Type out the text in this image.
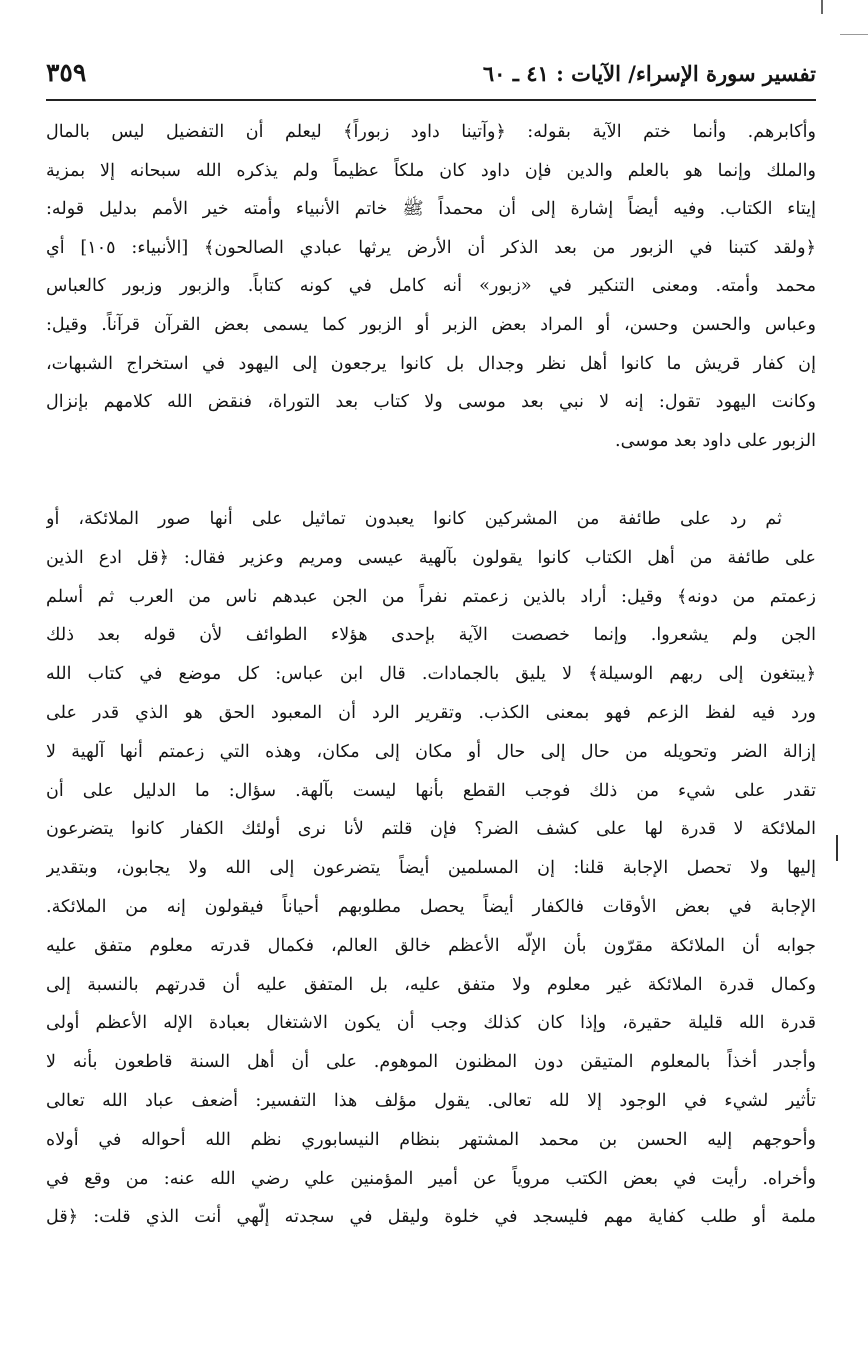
٣٥٩	تفسير سورة الإسراء/ الآيات : ٤١ ـ ٦٠
وأكابرهم. وأنما ختم الآية بقوله: ﴿وآتينا داود زبوراً﴾ ليعلم أن التفضيل ليس بالمال
والملك وإنما هو بالعلم والدين فإن داود كان ملكاً عظيماً ولم يذكره الله سبحانه إلا بمزية
إيتاء الكتاب. وفيه أيضاً إشارة إلى أن محمداً ﷺ خاتم الأنبياء وأمته خير الأمم بدليل قوله:
﴿ولقد كتبنا في الزبور من بعد الذكر أن الأرض يرثها عبادي الصالحون﴾ [الأنبياء: ١٠٥] أي
محمد وأمته. ومعنى التنكير في «زبور» أنه كامل في كونه كتاباً. والزبور وزبور كالعباس
وعباس والحسن وحسن، أو المراد بعض الزبر أو الزبور كما يسمى بعض القرآن قرآناً. وقيل:
إن كفار قريش ما كانوا أهل نظر وجدال بل كانوا يرجعون إلى اليهود في استخراج الشبهات،
وكانت اليهود تقول: إنه لا نبي بعد موسى ولا كتاب بعد التوراة، فنقض الله كلامهم بإنزال
الزبور على داود بعد موسى.
ثم رد على طائفة من المشركين كانوا يعبدون تماثيل على أنها صور الملائكة، أو
على طائفة من أهل الكتاب كانوا يقولون بآلهية عيسى ومريم وعزير فقال: ﴿قل ادع الذين
زعمتم من دونه﴾ وقيل: أراد بالذين زعمتم نفراً من الجن عبدهم ناس من العرب ثم أسلم
الجن ولم يشعروا. وإنما خصصت الآية بإحدى هؤلاء الطوائف لأن قوله بعد ذلك
﴿يبتغون إلى ربهم الوسيلة﴾ لا يليق بالجمادات. قال ابن عباس: كل موضع في كتاب الله
ورد فيه لفظ الزعم فهو بمعنى الكذب. وتقرير الرد أن المعبود الحق هو الذي قدر على
إزالة الضر وتحويله من حال إلى حال أو مكان إلى مكان، وهذه التي زعمتم أنها آلهية لا
تقدر على شيء من ذلك فوجب القطع بأنها ليست بآلهة. سؤال: ما الدليل على أن
الملائكة لا قدرة لها على كشف الضر؟ فإن قلتم لأنا نرى أولئك الكفار كانوا يتضرعون
إليها ولا تحصل الإجابة قلنا: إن المسلمين أيضاً يتضرعون إلى الله ولا يجابون، وبتقدير
الإجابة في بعض الأوقات فالكفار أيضاً يحصل مطلوبهم أحياناً فيقولون إنه من الملائكة.
جوابه أن الملائكة مقرّون بأن الإلّه الأعظم خالق العالم، فكمال قدرته معلوم متفق عليه
وكمال قدرة الملائكة غير معلوم ولا متفق عليه، بل المتفق عليه أن قدرتهم بالنسبة إلى
قدرة الله قليلة حقيرة، وإذا كان كذلك وجب أن يكون الاشتغال بعبادة الإله الأعظم أولى
وأجدر أخذاً بالمعلوم المتيقن دون المظنون الموهوم. على أن أهل السنة قاطعون بأنه لا
تأثير لشيء في الوجود إلا لله تعالى. يقول مؤلف هذا التفسير: أضعف عباد الله تعالى
وأحوجهم إليه الحسن بن محمد المشتهر بنظام النيسابوري نظم الله أحواله في أولاه
وأخراه. رأيت في بعض الكتب مروياً عن أمير المؤمنين علي رضي الله عنه: من وقع في
ملمة أو طلب كفاية مهم فليسجد في خلوة وليقل في سجدته إلّهي أنت الذي قلت: ﴿قل
